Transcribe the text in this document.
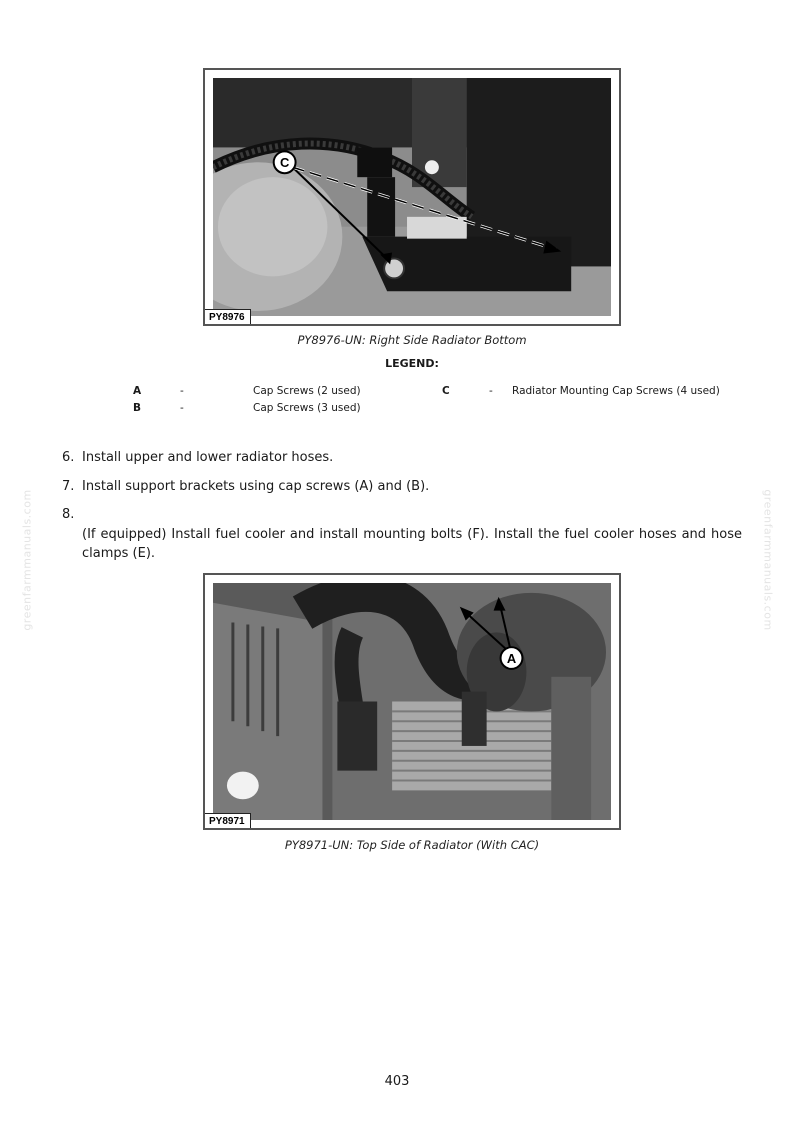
C
PY8976
PY8976-UN: Right Side Radiator Bottom
LEGEND:
A	-	Cap Screws (2 used)
B	-	Cap Screws (3 used)
C	- Radiator Mounting Cap Screws (4 used)
6. Install upper and lower radiator hoses.
7. Install support brackets using cap screws (A) and (B).
8.
(If equipped) Install fuel cooler and install mounting bolts (F). Install the fuel cooler hoses and hose clamps (E).
A
PY8971
PY8971-UN: Top Side of Radiator (With CAC)
greenfarmmanuals.com	greenfarmmanuals.com
403
